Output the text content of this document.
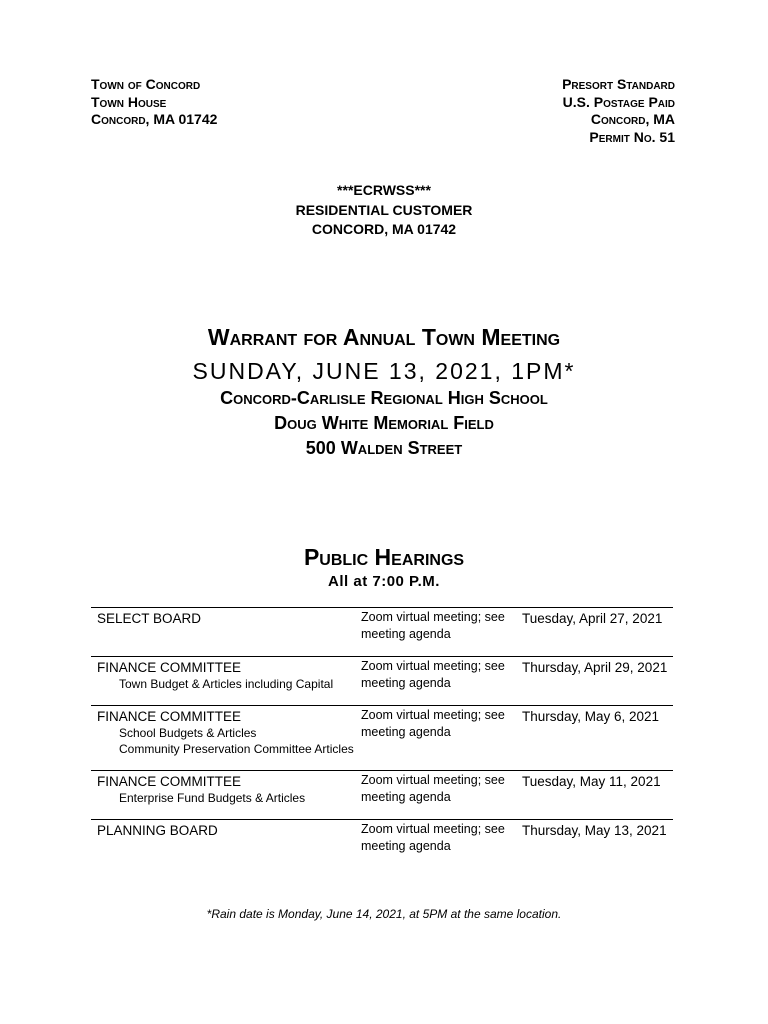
Town of Concord
Town House
Concord, MA 01742
Presort Standard
U.S. Postage Paid
Concord, MA
Permit No. 51
***ECRWSS***
RESIDENTIAL CUSTOMER
CONCORD, MA 01742
Warrant for Annual Town Meeting
SUNDAY, JUNE 13, 2021, 1PM*
Concord-Carlisle Regional High School
Doug White Memorial Field
500 Walden Street
Public Hearings
All at 7:00 P.M.
SELECT BOARD	Zoom virtual meeting; see meeting agenda
Tuesday, April 27, 2021
FINANCE COMMITTEE
Town Budget & Articles including Capital
Zoom virtual meeting; see meeting agenda
Thursday, April 29, 2021
FINANCE COMMITTEE
School Budgets & Articles
Community Preservation Committee Articles
Zoom virtual meeting; see meeting agenda
Thursday, May 6, 2021
FINANCE COMMITTEE
Enterprise Fund Budgets & Articles
Zoom virtual meeting; see meeting agenda
Tuesday, May 11, 2021
PLANNING BOARD	Zoom virtual meeting; see meeting agenda
Thursday, May 13, 2021
*Rain date is Monday, June 14, 2021, at 5PM at the same location.
